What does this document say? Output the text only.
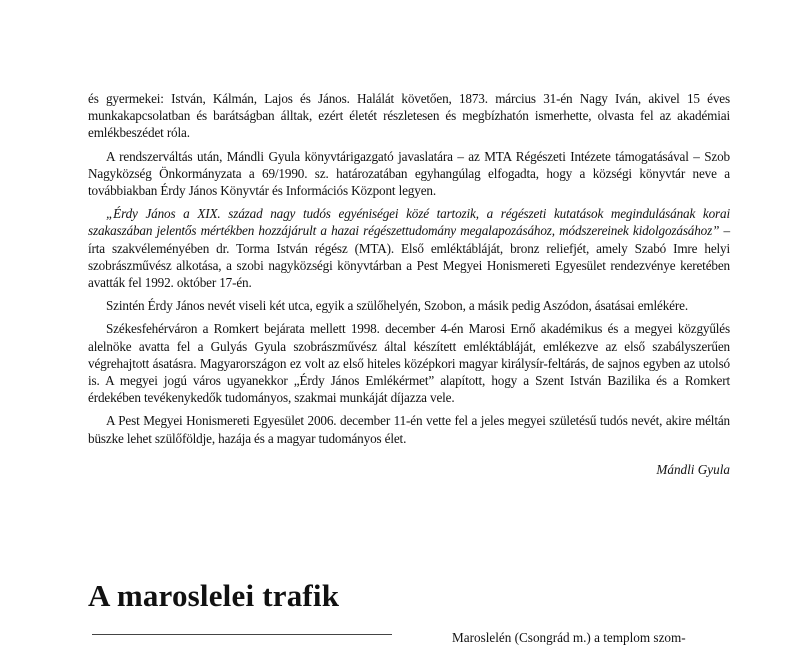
és gyermekei: István, Kálmán, Lajos és János. Halálát követően, 1873. március 31-én Nagy Iván, akivel 15 éves munkakapcsolatban és barátságban álltak, ezért életét részletesen és megbízhatón ismerhette, olvasta fel az akadémiai emlékbeszédet róla.

A rendszerváltás után, Mándli Gyula könyvtárigazgató javaslatára – az MTA Régészeti Intézete támogatásával – Szob Nagyközség Önkormányzata a 69/1990. sz. határozatában egyhangúlag elfogadta, hogy a községi könyvtár neve a továbbiakban Érdy János Könyvtár és Információs Központ legyen.

„Érdy János a XIX. század nagy tudós egyéniségei közé tartozik, a régészeti kutatások megindulásának korai szakaszában jelentős mértékben hozzájárult a hazai régészettudomány megalapozásához, módszereinek kidolgozásához” – írta szakvéleményében dr. Torma István régész (MTA). Első emléktábláját, bronz reliefjét, amely Szabó Imre helyi szobrászművész alkotása, a szobi nagyközségi könyvtárban a Pest Megyei Honismereti Egyesület rendezvénye keretében avatták fel 1992. október 17-én.

Szintén Érdy János nevét viseli két utca, egyik a szülőhelyén, Szobon, a másik pedig Aszódon, ásatásai emlékére.

Székesfehérváron a Romkert bejárata mellett 1998. december 4-én Marosi Ernő akadémikus és a megyei közgyűlés alelnöke avatta fel a Gulyás Gyula szobrászművész által készített emléktábláját, emlékezve az első szabályszerűen végrehajtott ásatásra. Magyarországon ez volt az első hiteles középkori magyar királysír-feltárás, de sajnos egyben az utolsó is. A megyei jogú város ugyanekkor „Érdy János Emlékérmet” alapított, hogy a Szent István Bazilika és a Romkert érdekében tevékenykedők tudományos, szakmai munkáját díjazza vele.

A Pest Megyei Honismereti Egyesület 2006. december 11-én vette fel a jeles megyei születésű tudós nevét, akire méltán büszke lehet szülőföldje, hazája és a magyar tudományos élet.

Mándli Gyula
A maroslelei trafik
Maroslelén (Csongrád m.) a templom szom-
